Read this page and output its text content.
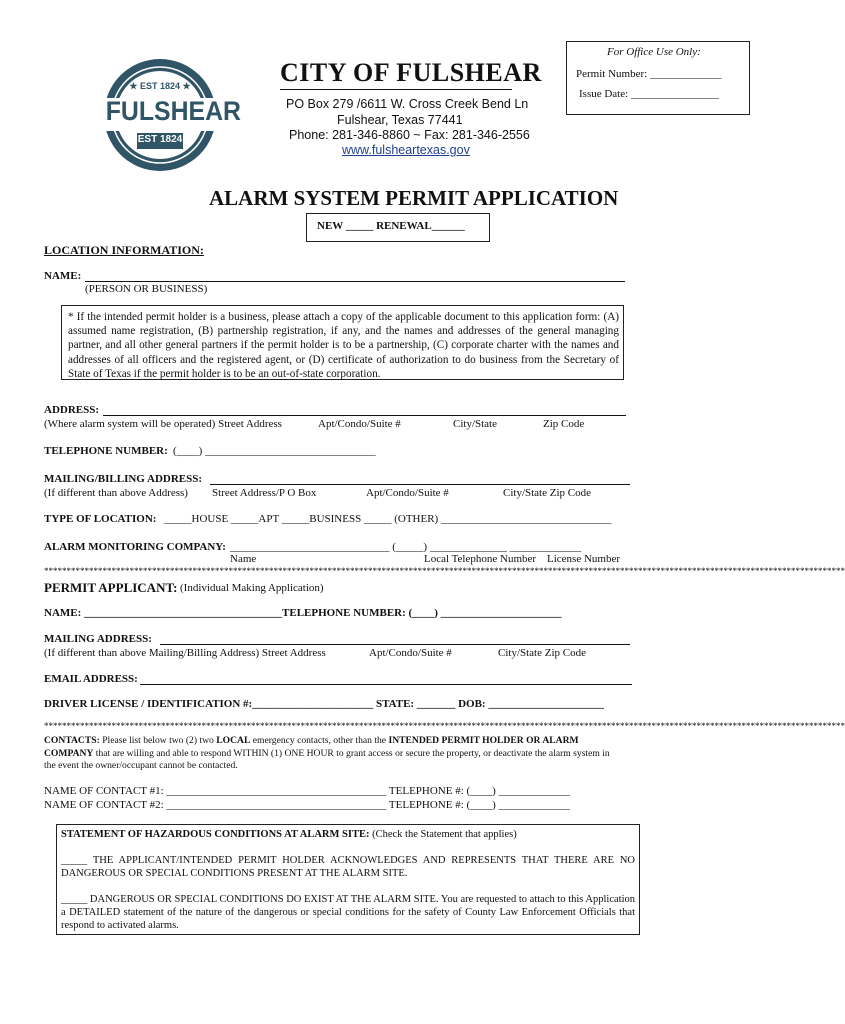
For Office Use Only:
Permit Number: _____________
Issue Date: ________________
★ EST 1824 ★
FULSHEAR
EST 1824
CITY OF FULSHEAR
PO Box 279 /6611 W. Cross Creek Bend Ln
Fulshear, Texas 77441
Phone: 281-346-8860 ~ Fax: 281-346-2556
www.fulsheartexas.gov
ALARM SYSTEM PERMIT APPLICATION
NEW _____ RENEWAL______
LOCATION INFORMATION:
NAME:
(PERSON OR BUSINESS)

* If the intended permit holder is a business, please attach a copy of the applicable document to this application form: (A) assumed name registration, (B) partnership registration, if any, and the names and addresses of the general managing partner, and all other general partners if the permit holder is to be a partnership, (C) corporate charter with the names and addresses of all officers and the registered agent, or (D) certificate of authorization to do business from the Secretary of State of Texas if the permit holder is to be an out-of-state corporation.

ADDRESS:
(Where alarm system will be operated) Street Address	Apt/Condo/Suite #	City/State	Zip Code
TELEPHONE NUMBER: (____) _______________________________
MAILING/BILLING ADDRESS:
(If different than above Address) Street Address/P O Box	Apt/Condo/Suite #	City/State Zip Code
TYPE OF LOCATION: _____HOUSE _____APT _____BUSINESS _____ (OTHER) _______________________________
ALARM MONITORING COMPANY: _____________________________ (_____) ______________ _____________
Name	Local Telephone Number License Number
**********************************************************************************************************************************************************************************
PERMIT APPLICANT: (Individual Making Application)
NAME: ____________________________________TELEPHONE NUMBER: (____) ______________________
MAILING ADDRESS:
(If different than above Mailing/Billing Address) Street Address	Apt/Condo/Suite #	City/State Zip Code
EMAIL ADDRESS:
DRIVER LICENSE / IDENTIFICATION #:______________________ STATE: _______ DOB: _____________________
**********************************************************************************************************************************************************************************
CONTACTS: Please list below two (2) two LOCAL emergency contacts, other than the INTENDED PERMIT HOLDER OR ALARM COMPANY that are willing and able to respond WITHIN (1) ONE HOUR to grant access or secure the property, or deactivate the alarm system in the event the owner/occupant cannot be contacted.
NAME OF CONTACT #1: ________________________________________ TELEPHONE #: (____) _____________
NAME OF CONTACT #2: ________________________________________ TELEPHONE #: (____) _____________
STATEMENT OF HAZARDOUS CONDITIONS AT ALARM SITE: (Check the Statement that applies)
_____ THE APPLICANT/INTENDED PERMIT HOLDER ACKNOWLEDGES AND REPRESENTS THAT THERE ARE NO DANGEROUS OR SPECIAL CONDITIONS PRESENT AT THE ALARM SITE.
_____ DANGEROUS OR SPECIAL CONDITIONS DO EXIST AT THE ALARM SITE. You are requested to attach to this Application a DETAILED statement of the nature of the dangerous or special conditions for the safety of County Law Enforcement Officials that respond to activated alarms.
